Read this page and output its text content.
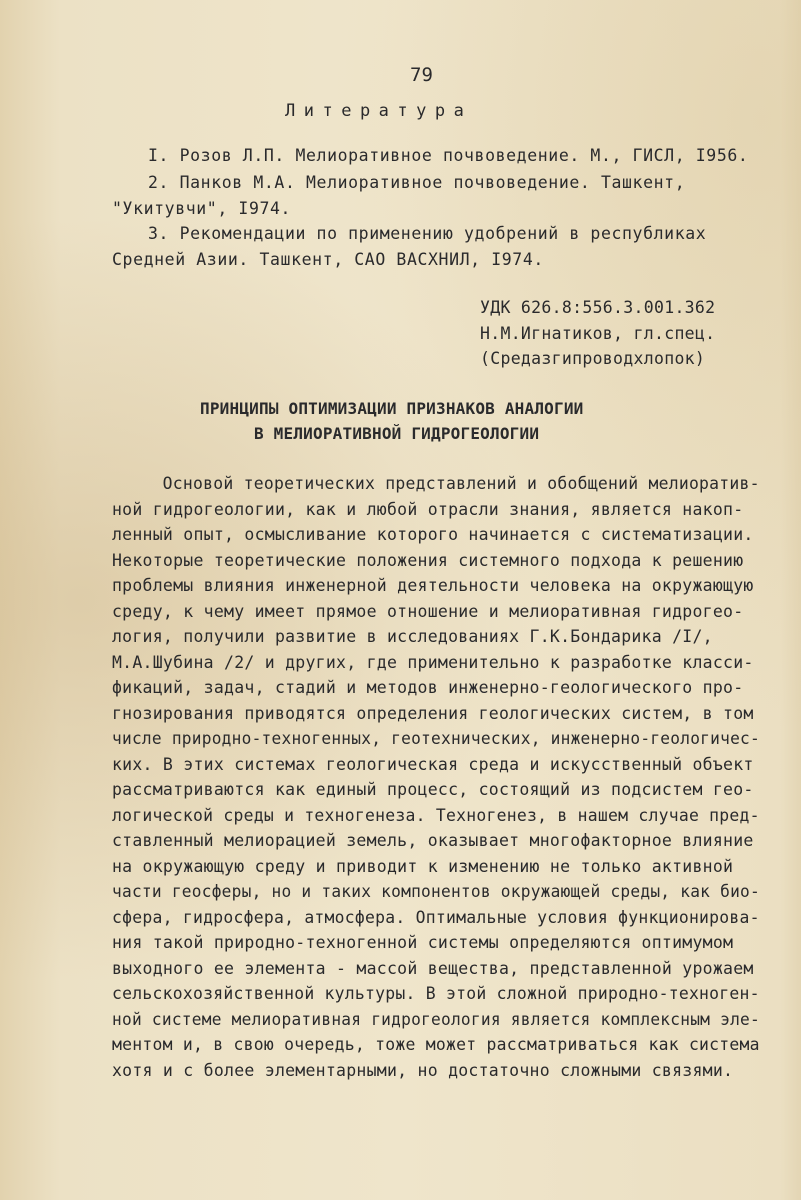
79
Литература
I. Розов Л.П. Мелиоративное почвоведение. М., ГИСЛ, I956.
2. Панков М.А. Мелиоративное почвоведение. Ташкент,
"Укитувчи", I974.
3. Рекомендации по применению удобрений в республиках
Средней Азии. Ташкент, САО ВАСХНИЛ, I974.
УДК 626.8:556.3.001.362
Н.М.Игнатиков, гл.спец.
(Средазгипроводхлопок)
ПРИНЦИПЫ ОПТИМИЗАЦИИ ПРИЗНАКОВ АНАЛОГИИ
В МЕЛИОРАТИВНОЙ ГИДРОГЕОЛОГИИ
Основой теоретических представлений и обобщений мелиоратив-
ной гидрогеологии, как и любой отрасли знания, является накоп-
ленный опыт, осмысливание которого начинается с систематизации.
Некоторые теоретические положения системного подхода к решению
проблемы влияния инженерной деятельности человека на окружающую
среду, к чему имеет прямое отношение и мелиоративная гидрогео-
логия, получили развитие в исследованиях Г.К.Бондарика /I/,
М.А.Шубина /2/ и других, где применительно к разработке класси-
фикаций, задач, стадий и методов инженерно-геологического про-
гнозирования приводятся определения геологических систем, в том
числе природно-техногенных, геотехнических, инженерно-геологичес-
ких. В этих системах геологическая среда и искусственный объект
рассматриваются как единый процесс, состоящий из подсистем гео-
логической среды и техногенеза. Техногенез, в нашем случае пред-
ставленный мелиорацией земель, оказывает многофакторное влияние
на окружающую среду и приводит к изменению не только активной
части геосферы, но и таких компонентов окружающей среды, как био-
сфера, гидросфера, атмосфера. Оптимальные условия функционирова-
ния такой природно-техногенной системы определяются оптимумом
выходного ее элемента - массой вещества, представленной урожаем
сельскохозяйственной культуры. В этой сложной природно-техноген-
ной системе мелиоративная гидрогеология является комплексным эле-
ментом и, в свою очередь, тоже может рассматриваться как система
хотя и с более элементарными, но достаточно сложными связями.
